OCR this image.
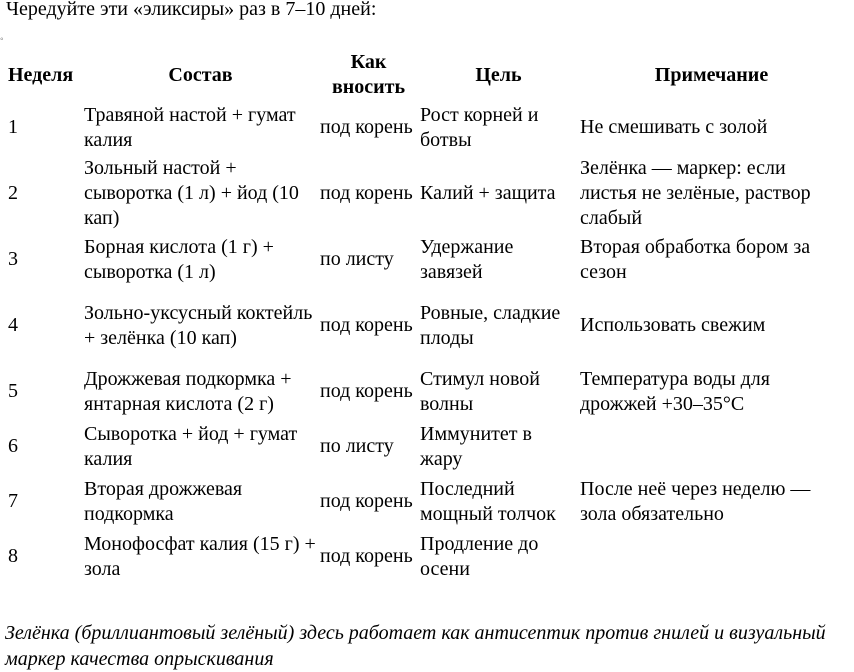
Чередуйте эти «эликсиры» раз в 7–10 дней:
◦
Неделя	Состав	Как вносить	Цель	Примечание
1	Травяной настой + гумат калия	под корень	Рост корней и ботвы	Не смешивать с золой
2	Зольный настой + сыворотка (1 л) + йод (10 кап)	под корень	Калий + защита	Зелёнка — маркер: если листья не зелёные, раствор слабый
3	Борная кислота (1 г) + сыворотка (1 л)	по листу	Удержание завязей	Вторая обработка бором за сезон
4	Зольно-уксусный коктейль + зелёнка (10 кап)	под корень	Ровные, сладкие плоды	Использовать свежим
5	Дрожжевая подкормка + янтарная кислота (2 г)	под корень	Стимул новой волны	Температура воды для дрожжей +30–35°C
6	Сыворотка + йод + гумат калия	по листу	Иммунитет в жару	
7	Вторая дрожжевая подкормка	под корень	Последний мощный толчок	После неё через неделю — зола обязательно
8	Монофосфат калия (15 г) + зола	под корень	Продление до осени	
Зелёнка (бриллиантовый зелёный) здесь работает как антисептик против гнилей и визуальный маркер качества опрыскивания
